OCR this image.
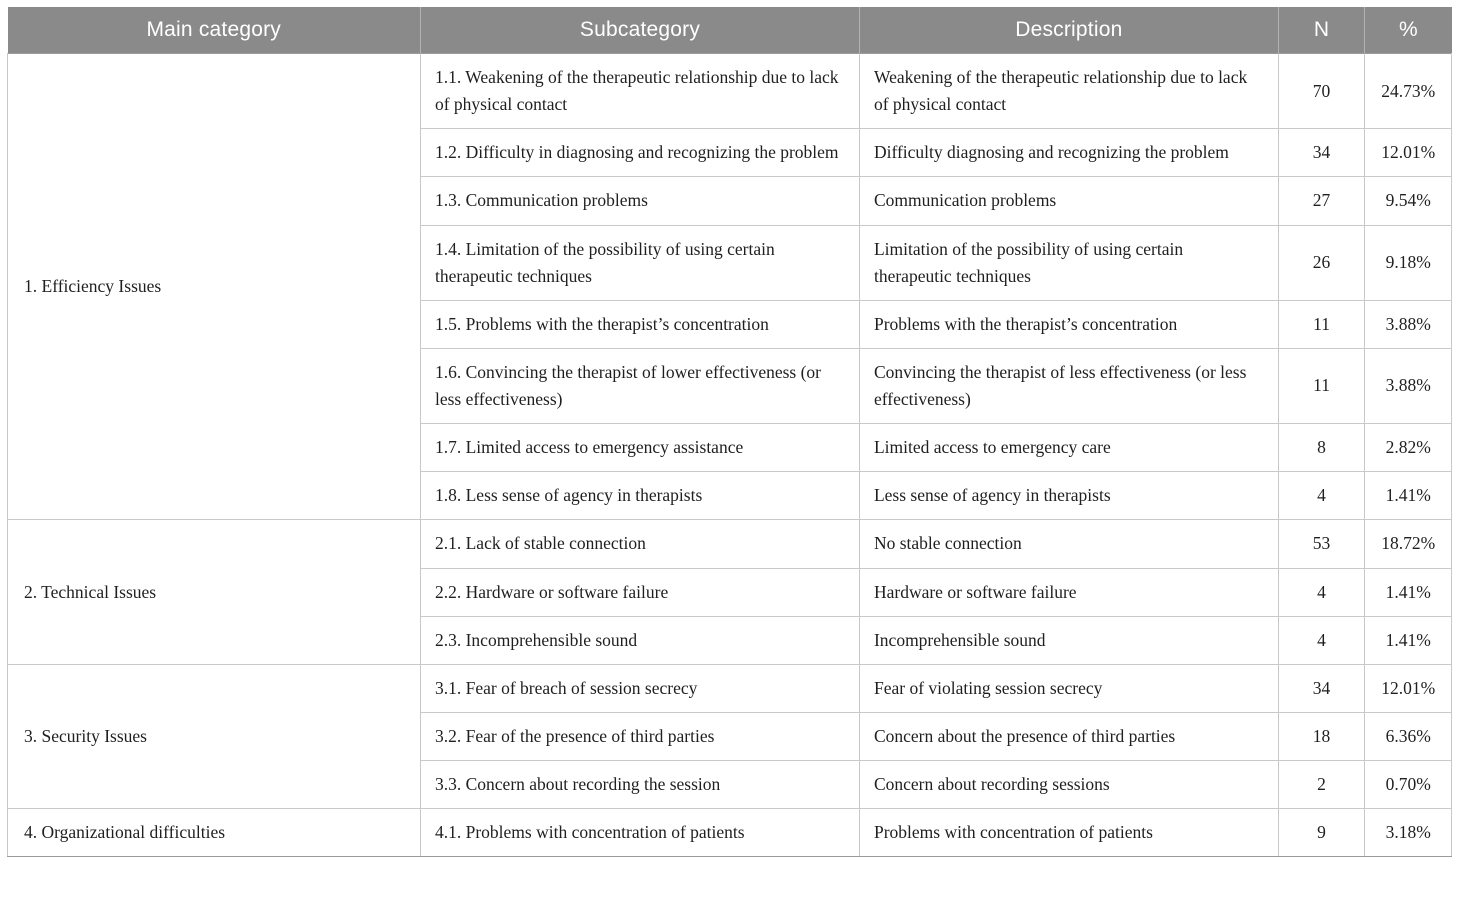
Main category	Subcategory	Description	N	%
1. Efficiency Issues	1.1. Weakening of the therapeutic relationship due to lack of physical contact	Weakening of the therapeutic relationship due to lack of physical contact	70	24.73%
	1.2. Difficulty in diagnosing and recognizing the problem	Difficulty diagnosing and recognizing the problem	34	12.01%
	1.3. Communication problems	Communication problems	27	9.54%
	1.4. Limitation of the possibility of using certain therapeutic techniques	Limitation of the possibility of using certain therapeutic techniques	26	9.18%
	1.5. Problems with the therapist’s concentration	Problems with the therapist’s concentration	11	3.88%
	1.6. Convincing the therapist of lower effectiveness (or less effectiveness)	Convincing the therapist of less effectiveness (or less effectiveness)	11	3.88%
	1.7. Limited access to emergency assistance	Limited access to emergency care	8	2.82%
	1.8. Less sense of agency in therapists	Less sense of agency in therapists	4	1.41%
2. Technical Issues	2.1. Lack of stable connection	No stable connection	53	18.72%
	2.2. Hardware or software failure	Hardware or software failure	4	1.41%
	2.3. Incomprehensible sound	Incomprehensible sound	4	1.41%
3. Security Issues	3.1. Fear of breach of session secrecy	Fear of violating session secrecy	34	12.01%
	3.2. Fear of the presence of third parties	Concern about the presence of third parties	18	6.36%
	3.3. Concern about recording the session	Concern about recording sessions	2	0.70%
4. Organizational difficulties	4.1. Problems with concentration of patients	Problems with concentration of patients	9	3.18%
